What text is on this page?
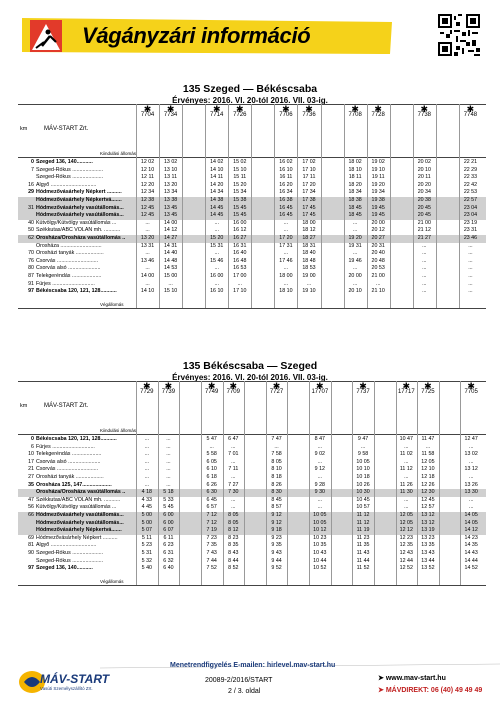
Vágányzári információ
135 Szeged — Békéscsaba
Érvényes: 2016. VI. 20-tól 2016. VII. 03-ig.
km	MÁV-START Zrt.
Kiindulási állomás
0 Szeged 136, 140...........	12 02	13 02	14 02	15 02	16 02	17 02	18 02	19 02	20 02	22 21
7 Szeged-Rókus .....................	12 10	13 10	14 10	15 10	16 10	17 10	18 10	19 10	20 10	22 29
Szeged-Rókus .....................	12 11	13 11	14 11	15 11	16 11	17 11	18 11	19 11	20 11	22 33
16 Algyő ...............................	12 20	13 20	14 20	15 20	16 20	17 20	18 20	19 20	20 20	22 42
29 Hódmezővásárhely Népkert ..........	12 34	13 34	14 34	15 34	16 34	17 34	18 34	19 34	20 34	22 53
Hódmezővásárhely Népkertvá.......	12 38	13 38	14 38	15 38	16 38	17 38	18 38	19 38	20 38	22 57
31 Hódmezővásárhely vasútállomás...	12 45	13 45	14 45	15 45	16 45	17 45	18 45	19 45	20 45	23 04
Hódmezővásárhely vasútállomás...	12 45	13 45	14 45	15 45	16 45	17 45	18 45	19 45	20 45	23 04
40 Kútvölgy/Kútvölgy vasútállomás ...	...	14 00	...	16 00	...	18 00	...	20 00	21 00	23 19
50 Székkutas/ABC VOLÁN mh. ...........	...	14 12	...	16 12	...	18 12	...	20 12	21 12	23 31
62 Orosháza/Orosháza vasútállomás ..	13 20	14 27	15 20	16 27	17 20	18 27	19 20	20 27	21 27	23 46
Orosháza ............................	13 31	14 31	15 31	16 31	17 31	18 31	19 31	20 31	...	...
70 Orosházi tanyák ...................	...	14 40	...	16 40	...	18 40	...	20 40	...	...
76 Csorvás ............................	13 46	14 48	15 46	16 48	17 46	18 48	19 46	20 48	...	...
80 Csorvás alsó ......................	...	14 53	...	16 53	...	18 53	...	20 53	...	...
87 Telekgeréndás ....................	14 00	15 00	16 00	17 00	18 00	19 00	20 00	21 00	...	...
91 Fürjes .............................	...	...	...	...	...	...	...	...	...	...
97 Békéscsaba 120, 121, 128...........	14 10	15 10	16 10	17 10	18 10	19 10	20 10	21 10	...	...
Végállomás
✱
7704
✱
7734
✱
7714
✱
7726
✱
7706
✱
7736
✱
7708
✱
7728
✱
7738
✱
7748
135 Békéscsaba — Szeged
Érvényes: 2016. VI. 20-tól 2016. VII. 03-ig.
km	MÁV-START Zrt.
Kiindulási állomás
0 Békéscsaba 120, 121, 128...........	...	...	5 47	6 47	7 47	8 47	9 47	10 47	11 47	12 47
6 Fürjes .............................	...	...	...	...	...	...	...	...	...	...
10 Telekgeréndás ....................	...	...	5 58	7 01	7 58	9 02	9 58	11 02	11 58	13 02
17 Csorvás alsó ......................	...	...	6 05	...	8 05	...	10 05	...	12 05	...
21 Csorvás ............................	...	...	6 10	7 11	8 10	9 12	10 10	11 12	12 10	13 12
27 Orosházi tanyák ...................	...	...	6 18	...	8 18	...	10 18	...	12 18	...
35 Orosháza 125, 147....................	...	...	6 26	7 27	8 26	9 28	10 26	11 26	12 26	13 26
Orosháza/Orosháza vasútállomás ..	4 18	5 18	6 30	7 30	8 30	9 30	10 30	11 30	12 30	13 30
47 Székkutas/ABC VOLÁN mh. ...........	4 33	5 33	6 45	...	8 45	...	10 45	...	12 45	...
56 Kútvölgy/Kútvölgy vasútállomás ...	4 45	5 45	6 57	...	8 57	...	10 57	...	12 57	...
66 Hódmezővásárhely vasútállomás...	5 00	6 00	7 12	8 05	9 12	10 05	11 12	12 05	13 12	14 05
Hódmezővásárhely vasútállomás...	5 00	6 00	7 12	8 05	9 12	10 05	11 12	12 05	13 12	14 05
Hódmezővásárhely Népkertvá.......	5 07	6 07	7 19	8 12	9 18	10 12	11 19	12 12	13 19	14 12
69 Hódmezővásárhely Népkert ..........	5 11	6 11	7 23	8 23	9 23	10 23	11 23	12 23	13 23	14 23
81 Algyő ...............................	5 23	6 23	7 35	8 35	9 35	10 35	11 35	12 35	13 35	14 35
90 Szeged-Rókus .....................	5 31	6 31	7 43	8 43	9 43	10 43	11 43	12 43	13 43	14 43
Szeged-Rókus .....................	5 32	6 32	7 44	8 44	9 44	10 44	11 44	12 44	13 44	14 44
97 Szeged 136, 140...........	5 40	6 40	7 52	8 52	9 52	10 52	11 52	12 52	13 52	14 52
Végállomás
✱
7729
✱
7739
✱
7749
✱
7709
✱
7727
✱
17707
✱
7737
✱
17717
✱
7725
✱
7705
MÁV-START
Vasúti Személyszállító Zrt.
Menetrendfigyelés E-mailen: hirlevel.mav-start.hu
20089-2/2016/START
2 / 3. oldal
➤ www.mav-start.hu
➤ MÁVDIREKT: 06 (40) 49 49 49
